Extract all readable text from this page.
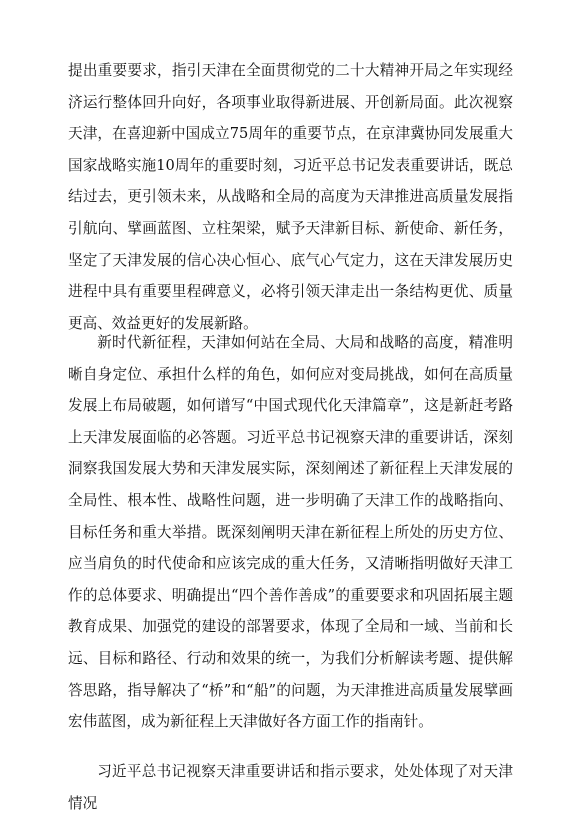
提出重要要求，指引天津在全面贯彻党的二十大精神开局之年实现经济运行整体回升向好，各项事业取得新进展、开创新局面。此次视察天津，在喜迎新中国成立75周年的重要节点，在京津冀协同发展重大国家战略实施10周年的重要时刻，习近平总书记发表重要讲话，既总结过去，更引领未来，从战略和全局的高度为天津推进高质量发展指引航向、擘画蓝图、立柱架梁，赋予天津新目标、新使命、新任务，坚定了天津发展的信心决心恒心、底气心气定力，这在天津发展历史进程中具有重要里程碑意义，必将引领天津走出一条结构更优、质量更高、效益更好的发展新路。

新时代新征程，天津如何站在全局、大局和战略的高度，精准明晰自身定位、承担什么样的角色，如何应对变局挑战，如何在高质量发展上布局破题，如何谱写“中国式现代化天津篇章”，这是新赶考路上天津发展面临的必答题。习近平总书记视察天津的重要讲话，深刻洞察我国发展大势和天津发展实际，深刻阐述了新征程上天津发展的全局性、根本性、战略性问题，进一步明确了天津工作的战略指向、目标任务和重大举措。既深刻阐明天津在新征程上所处的历史方位、应当肩负的时代使命和应该完成的重大任务，又清晰指明做好天津工作的总体要求、明确提出“四个善作善成”的重要要求和巩固拓展主题教育成果、加强党的建设的部署要求，体现了全局和一域、当前和长远、目标和路径、行动和效果的统一，为我们分析解读考题、提供解答思路，指导解决了“桥”和“船”的问题，为天津推进高质量发展擘画宏伟蓝图，成为新征程上天津做好各方面工作的指南针。

习近平总书记视察天津重要讲话和指示要求，处处体现了对天津情况
